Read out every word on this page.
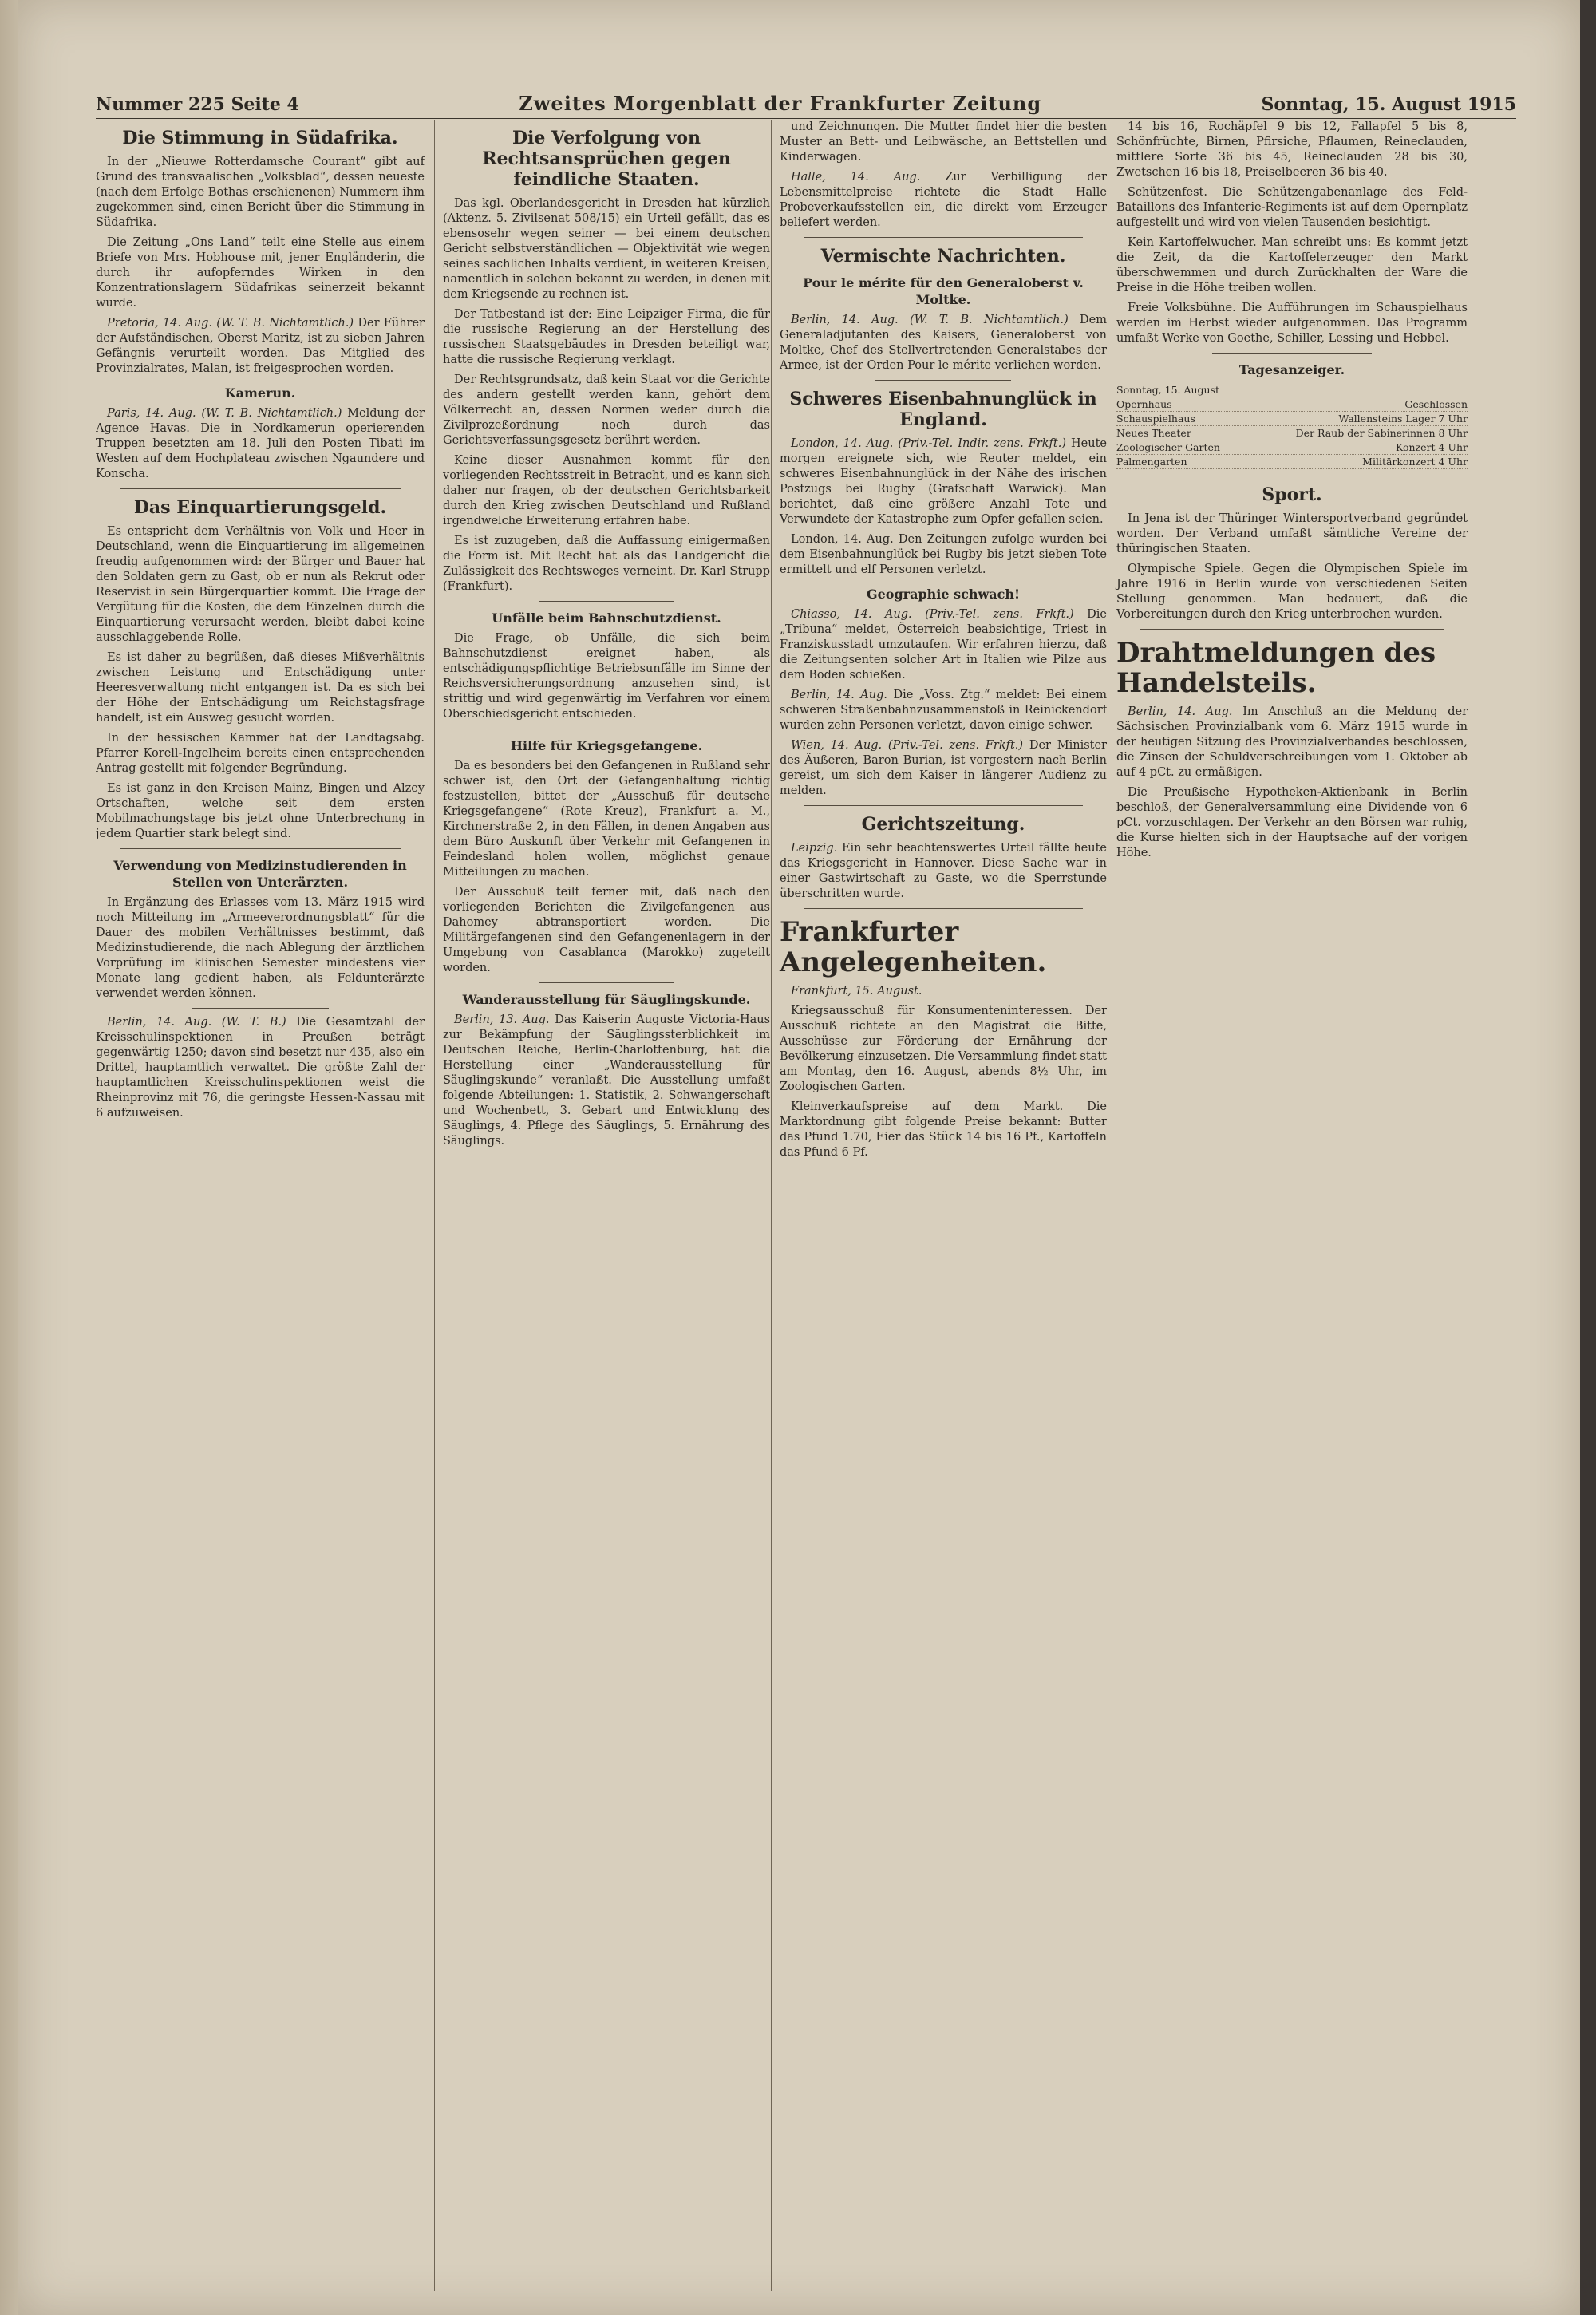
Nummer 225 Seite 4	Zweites Morgenblatt der Frankfurter Zeitung	Sonntag, 15. August 1915
Die Stimmung in Südafrika.

In der „Nieuwe Rotterdamsche Courant“ gibt auf Grund des transvaalischen „Volksblad“, dessen neueste (nach dem Erfolge Bothas erschienenen) Nummern ihm zugekommen sind, einen Bericht über die Stimmung in Südafrika.

Die Zeitung „Ons Land“ teilt eine Stelle aus einem Briefe von Mrs. Hobhouse mit, jener Engländerin, die durch ihr aufopferndes Wirken in den Konzentrationslagern Südafrikas seinerzeit bekannt wurde.

Pretoria, 14. Aug. (W. T. B. Nichtamtlich.) Der Führer der Aufständischen, Oberst Maritz, ist zu sieben Jahren Gefängnis verurteilt worden. Das Mitglied des Provinzialrates, Malan, ist freigesprochen worden.

Kamerun.

Paris, 14. Aug. (W. T. B. Nichtamtlich.) Meldung der Agence Havas. Die in Nordkamerun operierenden Truppen besetzten am 18. Juli den Posten Tibati im Westen auf dem Hochplateau zwischen Ngaundere und Konscha.

Das Einquartierungsgeld.

Es entspricht dem Verhältnis von Volk und Heer in Deutschland, wenn die Einquartierung im allgemeinen freudig aufgenommen wird: der Bürger und Bauer hat den Soldaten gern zu Gast, ob er nun als Rekrut oder Reservist in sein Bürgerquartier kommt. Die Frage der Vergütung für die Kosten, die dem Einzelnen durch die Einquartierung verursacht werden, bleibt dabei keine ausschlaggebende Rolle.

Es ist daher zu begrüßen, daß dieses Mißverhältnis zwischen Leistung und Entschädigung unter Heeresverwaltung nicht entgangen ist. Da es sich bei der Höhe der Entschädigung um Reichstagsfrage handelt, ist ein Ausweg gesucht worden.

In der hessischen Kammer hat der Landtagsabg. Pfarrer Korell-Ingelheim bereits einen entsprechenden Antrag gestellt mit folgender Begründung.

Es ist ganz in den Kreisen Mainz, Bingen und Alzey Ortschaften, welche seit dem ersten Mobilmachungstage bis jetzt ohne Unterbrechung in jedem Quartier stark belegt sind.

Verwendung von Medizinstudierenden in Stellen von Unterärzten.

In Ergänzung des Erlasses vom 13. März 1915 wird noch Mitteilung im „Armeeverordnungsblatt“ für die Dauer des mobilen Verhältnisses bestimmt, daß Medizinstudierende, die nach Ablegung der ärztlichen Vorprüfung im klinischen Semester mindestens vier Monate lang gedient haben, als Feldunterärzte verwendet werden können.

Berlin, 14. Aug. (W. T. B.) Die Gesamtzahl der Kreisschulinspektionen in Preußen beträgt gegenwärtig 1250; davon sind besetzt nur 435, also ein Drittel, hauptamtlich verwaltet. Die größte Zahl der hauptamtlichen Kreisschulinspektionen weist die Rheinprovinz mit 76, die geringste Hessen-Nassau mit 6 aufzuweisen.

Die Verfolgung von Rechtsansprüchen gegen feindliche Staaten.

Das kgl. Oberlandesgericht in Dresden hat kürzlich (Aktenz. 5. Zivilsenat 508/15) ein Urteil gefällt, das es ebensosehr wegen seiner — bei einem deutschen Gericht selbstverständlichen — Objektivität wie wegen seines sachlichen Inhalts verdient, in weiteren Kreisen, namentlich in solchen bekannt zu werden, in denen mit dem Kriegsende zu rechnen ist.

Der Tatbestand ist der: Eine Leipziger Firma, die für die russische Regierung an der Herstellung des russischen Staatsgebäudes in Dresden beteiligt war, hatte die russische Regierung verklagt.

Der Rechtsgrundsatz, daß kein Staat vor die Gerichte des andern gestellt werden kann, gehört dem Völkerrecht an, dessen Normen weder durch die Zivilprozeßordnung noch durch das Gerichtsverfassungsgesetz berührt werden.

Keine dieser Ausnahmen kommt für den vorliegenden Rechtsstreit in Betracht, und es kann sich daher nur fragen, ob der deutschen Gerichtsbarkeit durch den Krieg zwischen Deutschland und Rußland irgendwelche Erweiterung erfahren habe.

Es ist zuzugeben, daß die Auffassung einigermaßen die Form ist. Mit Recht hat als das Landgericht die Zulässigkeit des Rechtsweges verneint. Dr. Karl Strupp (Frankfurt).

Unfälle beim Bahnschutzdienst.

Die Frage, ob Unfälle, die sich beim Bahnschutzdienst ereignet haben, als entschädigungspflichtige Betriebsunfälle im Sinne der Reichsversicherungsordnung anzusehen sind, ist strittig und wird gegenwärtig im Verfahren vor einem Oberschiedsgericht entschieden.

Hilfe für Kriegsgefangene.

Da es besonders bei den Gefangenen in Rußland sehr schwer ist, den Ort der Gefangenhaltung richtig festzustellen, bittet der „Ausschuß für deutsche Kriegsgefangene“ (Rote Kreuz), Frankfurt a. M., Kirchnerstraße 2, in den Fällen, in denen Angaben aus dem Büro Auskunft über Verkehr mit Gefangenen in Feindesland holen wollen, möglichst genaue Mitteilungen zu machen.

Der Ausschuß teilt ferner mit, daß nach den vorliegenden Berichten die Zivilgefangenen aus Dahomey abtransportiert worden. Die Militärgefangenen sind den Gefangenenlagern in der Umgebung von Casablanca (Marokko) zugeteilt worden.

Wanderausstellung für Säuglingskunde.

Berlin, 13. Aug. Das Kaiserin Auguste Victoria-Haus zur Bekämpfung der Säuglingssterblichkeit im Deutschen Reiche, Berlin-Charlottenburg, hat die Herstellung einer „Wanderausstellung für Säuglingskunde“ veranlaßt. Die Ausstellung umfaßt folgende Abteilungen: 1. Statistik, 2. Schwangerschaft und Wochenbett, 3. Gebart und Entwicklung des Säuglings, 4. Pflege des Säuglings, 5. Ernährung des Säuglings.

und Zeichnungen. Die Mutter findet hier die besten Muster an Bett- und Leibwäsche, an Bettstellen und Kinderwagen.

Halle, 14. Aug. Zur Verbilligung der Lebensmittelpreise richtete die Stadt Halle Probeverkaufsstellen ein, die direkt vom Erzeuger beliefert werden.

Vermischte Nachrichten.
Pour le mérite für den Generaloberst v. Moltke.

Berlin, 14. Aug. (W. T. B. Nichtamtlich.) Dem Generaladjutanten des Kaisers, Generaloberst von Moltke, Chef des Stellvertretenden Generalstabes der Armee, ist der Orden Pour le mérite verliehen worden.

Schweres Eisenbahnunglück in England.

London, 14. Aug. (Priv.-Tel. Indir. zens. Frkft.) Heute morgen ereignete sich, wie Reuter meldet, ein schweres Eisenbahnunglück in der Nähe des irischen Postzugs bei Rugby (Grafschaft Warwick). Man berichtet, daß eine größere Anzahl Tote und Verwundete der Katastrophe zum Opfer gefallen seien.

London, 14. Aug. Den Zeitungen zufolge wurden bei dem Eisenbahnunglück bei Rugby bis jetzt sieben Tote ermittelt und elf Personen verletzt.

Geographie schwach!

Chiasso, 14. Aug. (Priv.-Tel. zens. Frkft.) Die „Tribuna“ meldet, Österreich beabsichtige, Triest in Franziskusstadt umzutaufen. Wir erfahren hierzu, daß die Zeitungsenten solcher Art in Italien wie Pilze aus dem Boden schießen.

Berlin, 14. Aug. Die „Voss. Ztg.“ meldet: Bei einem schweren Straßenbahnzusammenstoß in Reinickendorf wurden zehn Personen verletzt, davon einige schwer.

Wien, 14. Aug. (Priv.-Tel. zens. Frkft.) Der Minister des Äußeren, Baron Burian, ist vorgestern nach Berlin gereist, um sich dem Kaiser in längerer Audienz zu melden.

Gerichtszeitung.

Leipzig. Ein sehr beachtenswertes Urteil fällte heute das Kriegsgericht in Hannover. Diese Sache war in einer Gastwirtschaft zu Gaste, wo die Sperrstunde überschritten wurde.

Frankfurter Angelegenheiten.

Frankfurt, 15. August.

Kriegsausschuß für Konsumenteninteressen. Der Ausschuß richtete an den Magistrat die Bitte, Ausschüsse zur Förderung der Ernährung der Bevölkerung einzusetzen. Die Versammlung findet statt am Montag, den 16. August, abends 8½ Uhr, im Zoologischen Garten.

Kleinverkaufspreise auf dem Markt. Die Marktordnung gibt folgende Preise bekannt: Butter das Pfund 1.70, Eier das Stück 14 bis 16 Pf., Kartoffeln das Pfund 6 Pf.

14 bis 16, Rochäpfel 9 bis 12, Fallapfel 5 bis 8, Schönfrüchte, Birnen, Pfirsiche, Pflaumen, Reineclauden, mittlere Sorte 36 bis 45, Reineclauden 28 bis 30, Zwetschen 16 bis 18, Preiselbeeren 36 bis 40.

Schützenfest. Die Schützengabenanlage des Feld-Bataillons des Infanterie-Regiments ist auf dem Opernplatz aufgestellt und wird von vielen Tausenden besichtigt.

Kein Kartoffelwucher. Man schreibt uns: Es kommt jetzt die Zeit, da die Kartoffelerzeuger den Markt überschwemmen und durch Zurückhalten der Ware die Preise in die Höhe treiben wollen.

Freie Volksbühne. Die Aufführungen im Schauspielhaus werden im Herbst wieder aufgenommen. Das Programm umfaßt Werke von Goethe, Schiller, Lessing und Hebbel.

Tagesanzeiger.
Sonntag, 15. August
Opernhaus	Geschlossen
Schauspielhaus	Wallensteins Lager 7 Uhr
Neues Theater	Der Raub der Sabinerinnen 8 Uhr
Zoologischer Garten	Konzert 4 Uhr
Palmengarten	Militärkonzert 4 Uhr
Sport.

In Jena ist der Thüringer Wintersportverband gegründet worden. Der Verband umfaßt sämtliche Vereine der thüringischen Staaten.

Olympische Spiele. Gegen die Olympischen Spiele im Jahre 1916 in Berlin wurde von verschiedenen Seiten Stellung genommen. Man bedauert, daß die Vorbereitungen durch den Krieg unterbrochen wurden.

Drahtmeldungen des Handelsteils.

Berlin, 14. Aug. Im Anschluß an die Meldung der Sächsischen Provinzialbank vom 6. März 1915 wurde in der heutigen Sitzung des Provinzialverbandes beschlossen, die Zinsen der Schuldverschreibungen vom 1. Oktober ab auf 4 pCt. zu ermäßigen.

Die Preußische Hypotheken-Aktienbank in Berlin beschloß, der Generalversammlung eine Dividende von 6 pCt. vorzuschlagen. Der Verkehr an den Börsen war ruhig, die Kurse hielten sich in der Hauptsache auf der vorigen Höhe.
